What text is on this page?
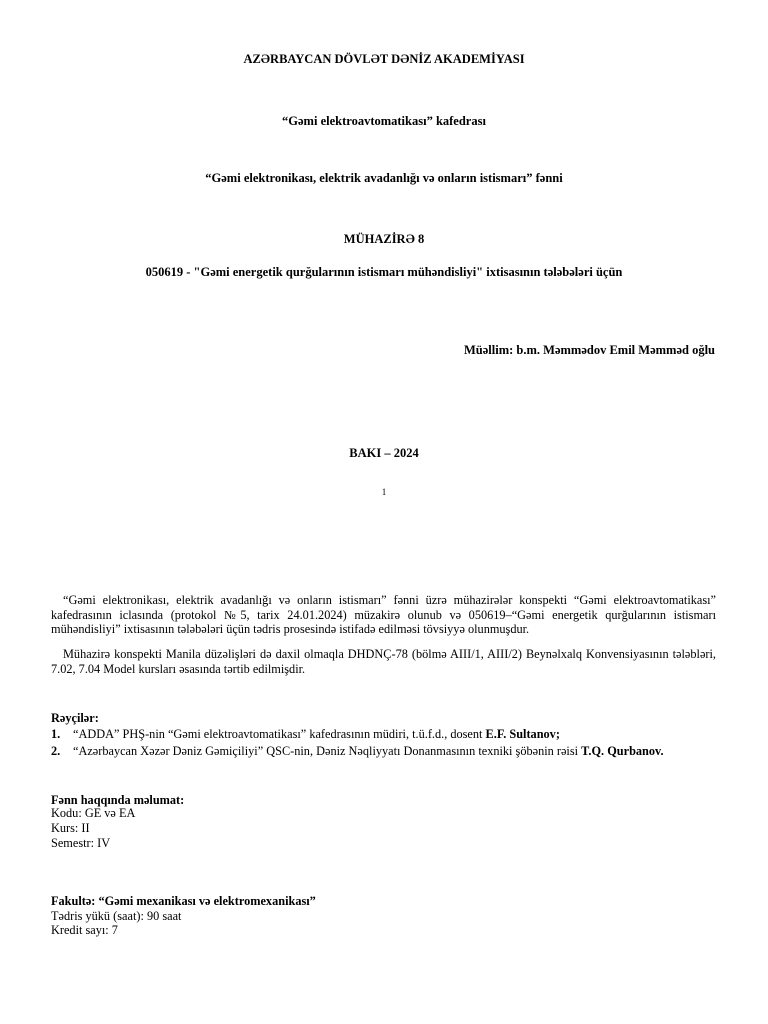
AZƏRBAYCAN DÖVLƏT DƏNİZ AKADEMİYASI
“Gəmi elektroavtomatikası” kafedrası
“Gəmi elektronikası, elektrik avadanlığı və onların istismarı” fənni
MÜHAZİRƏ 8
050619 - "Gəmi energetik qurğularının istismarı mühəndisliyi" ixtisasının tələbələri üçün
Müəllim: b.m. Məmmədov Emil Məmməd oğlu
BAKI – 2024
1
“Gəmi elektronikası, elektrik avadanlığı və onların istismarı” fənni üzrə mühazirələr konspekti “Gəmi elektroavtomatikası” kafedrasının iclasında (protokol №5, tarix 24.01.2024) müzakirə olunub və 050619–“Gəmi energetik qurğularının istismarı mühəndisliyi” ixtisasının tələbələri üçün tədris prosesində istifadə edilməsi tövsiyyə olunmuşdur.
Mühazirə konspekti Manila düzəlişləri də daxil olmaqla DHDNÇ-78 (bölmə AIII/1, AIII/2) Beynəlxalq Konvensiyasının tələbləri, 7.02, 7.04 Model kursları əsasında tərtib edilmişdir.
Rəyçilər:
1. “ADDA” PHŞ-nin “Gəmi elektroavtomatikası” kafedrasının müdiri, t.ü.f.d., dosent E.F. Sultanov;
2. “Azərbaycan Xəzər Dəniz Gəmiçiliyi” QSC-nin, Dəniz Nəqliyyatı Donanmasının texniki şöbənin rəisi T.Q. Qurbanov.
Fənn haqqında məlumat:
Kodu: GE və EA
Kurs: II
Semestr: IV
Fakultə: “Gəmi mexanikası və elektromexanikası”
Tədris yükü (saat): 90 saat
Kredit sayı: 7
